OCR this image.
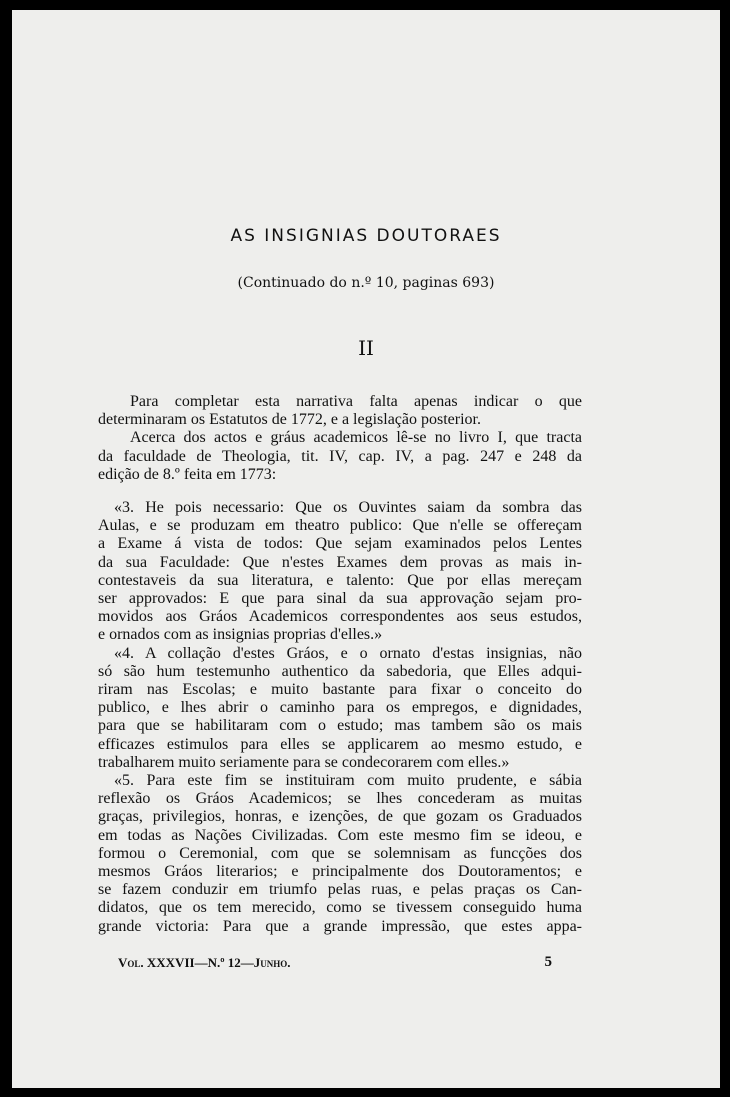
AS INSIGNIAS DOUTORAES
(Continuado do n.º 10, paginas 693)
II
Para completar esta narrativa falta apenas indicar o que
determinaram os Estatutos de 1772, e a legislação posterior.
Acerca dos actos e gráus academicos lê-se no livro I, que tracta
da faculdade de Theologia, tit. IV, cap. IV, a pag. 247 e 248 da
edição de 8.º feita em 1773:
«3. He pois necessario: Que os Ouvintes saiam da sombra das
Aulas, e se produzam em theatro publico: Que n'elle se offereçam
a Exame á vista de todos: Que sejam examinados pelos Lentes
da sua Faculdade: Que n'estes Exames dem provas as mais in-
contestaveis da sua literatura, e talento: Que por ellas mereçam
ser approvados: E que para sinal da sua approvação sejam pro-
movidos aos Gráos Academicos correspondentes aos seus estudos,
e ornados com as insignias proprias d'elles.»
«4. A collação d'estes Gráos, e o ornato d'estas insignias, não
só são hum testemunho authentico da sabedoria, que Elles adqui-
riram nas Escolas; e muito bastante para fixar o conceito do
publico, e lhes abrir o caminho para os empregos, e dignidades,
para que se habilitaram com o estudo; mas tambem são os mais
efficazes estimulos para elles se applicarem ao mesmo estudo, e
trabalharem muito seriamente para se condecorarem com elles.»
«5. Para este fim se instituiram com muito prudente, e sábia
reflexão os Gráos Academicos; se lhes concederam as muitas
graças, privilegios, honras, e izenções, de que gozam os Graduados
em todas as Nações Civilizadas. Com este mesmo fim se ideou, e
formou o Ceremonial, com que se solemnisam as funcções dos
mesmos Gráos literarios; e principalmente dos Doutoramentos; e
se fazem conduzir em triumfo pelas ruas, e pelas praças os Can-
didatos, que os tem merecido, como se tivessem conseguido huma
grande victoria: Para que a grande impressão, que estes appa-
Vol. XXXVII—N.º 12—Junho.	5
